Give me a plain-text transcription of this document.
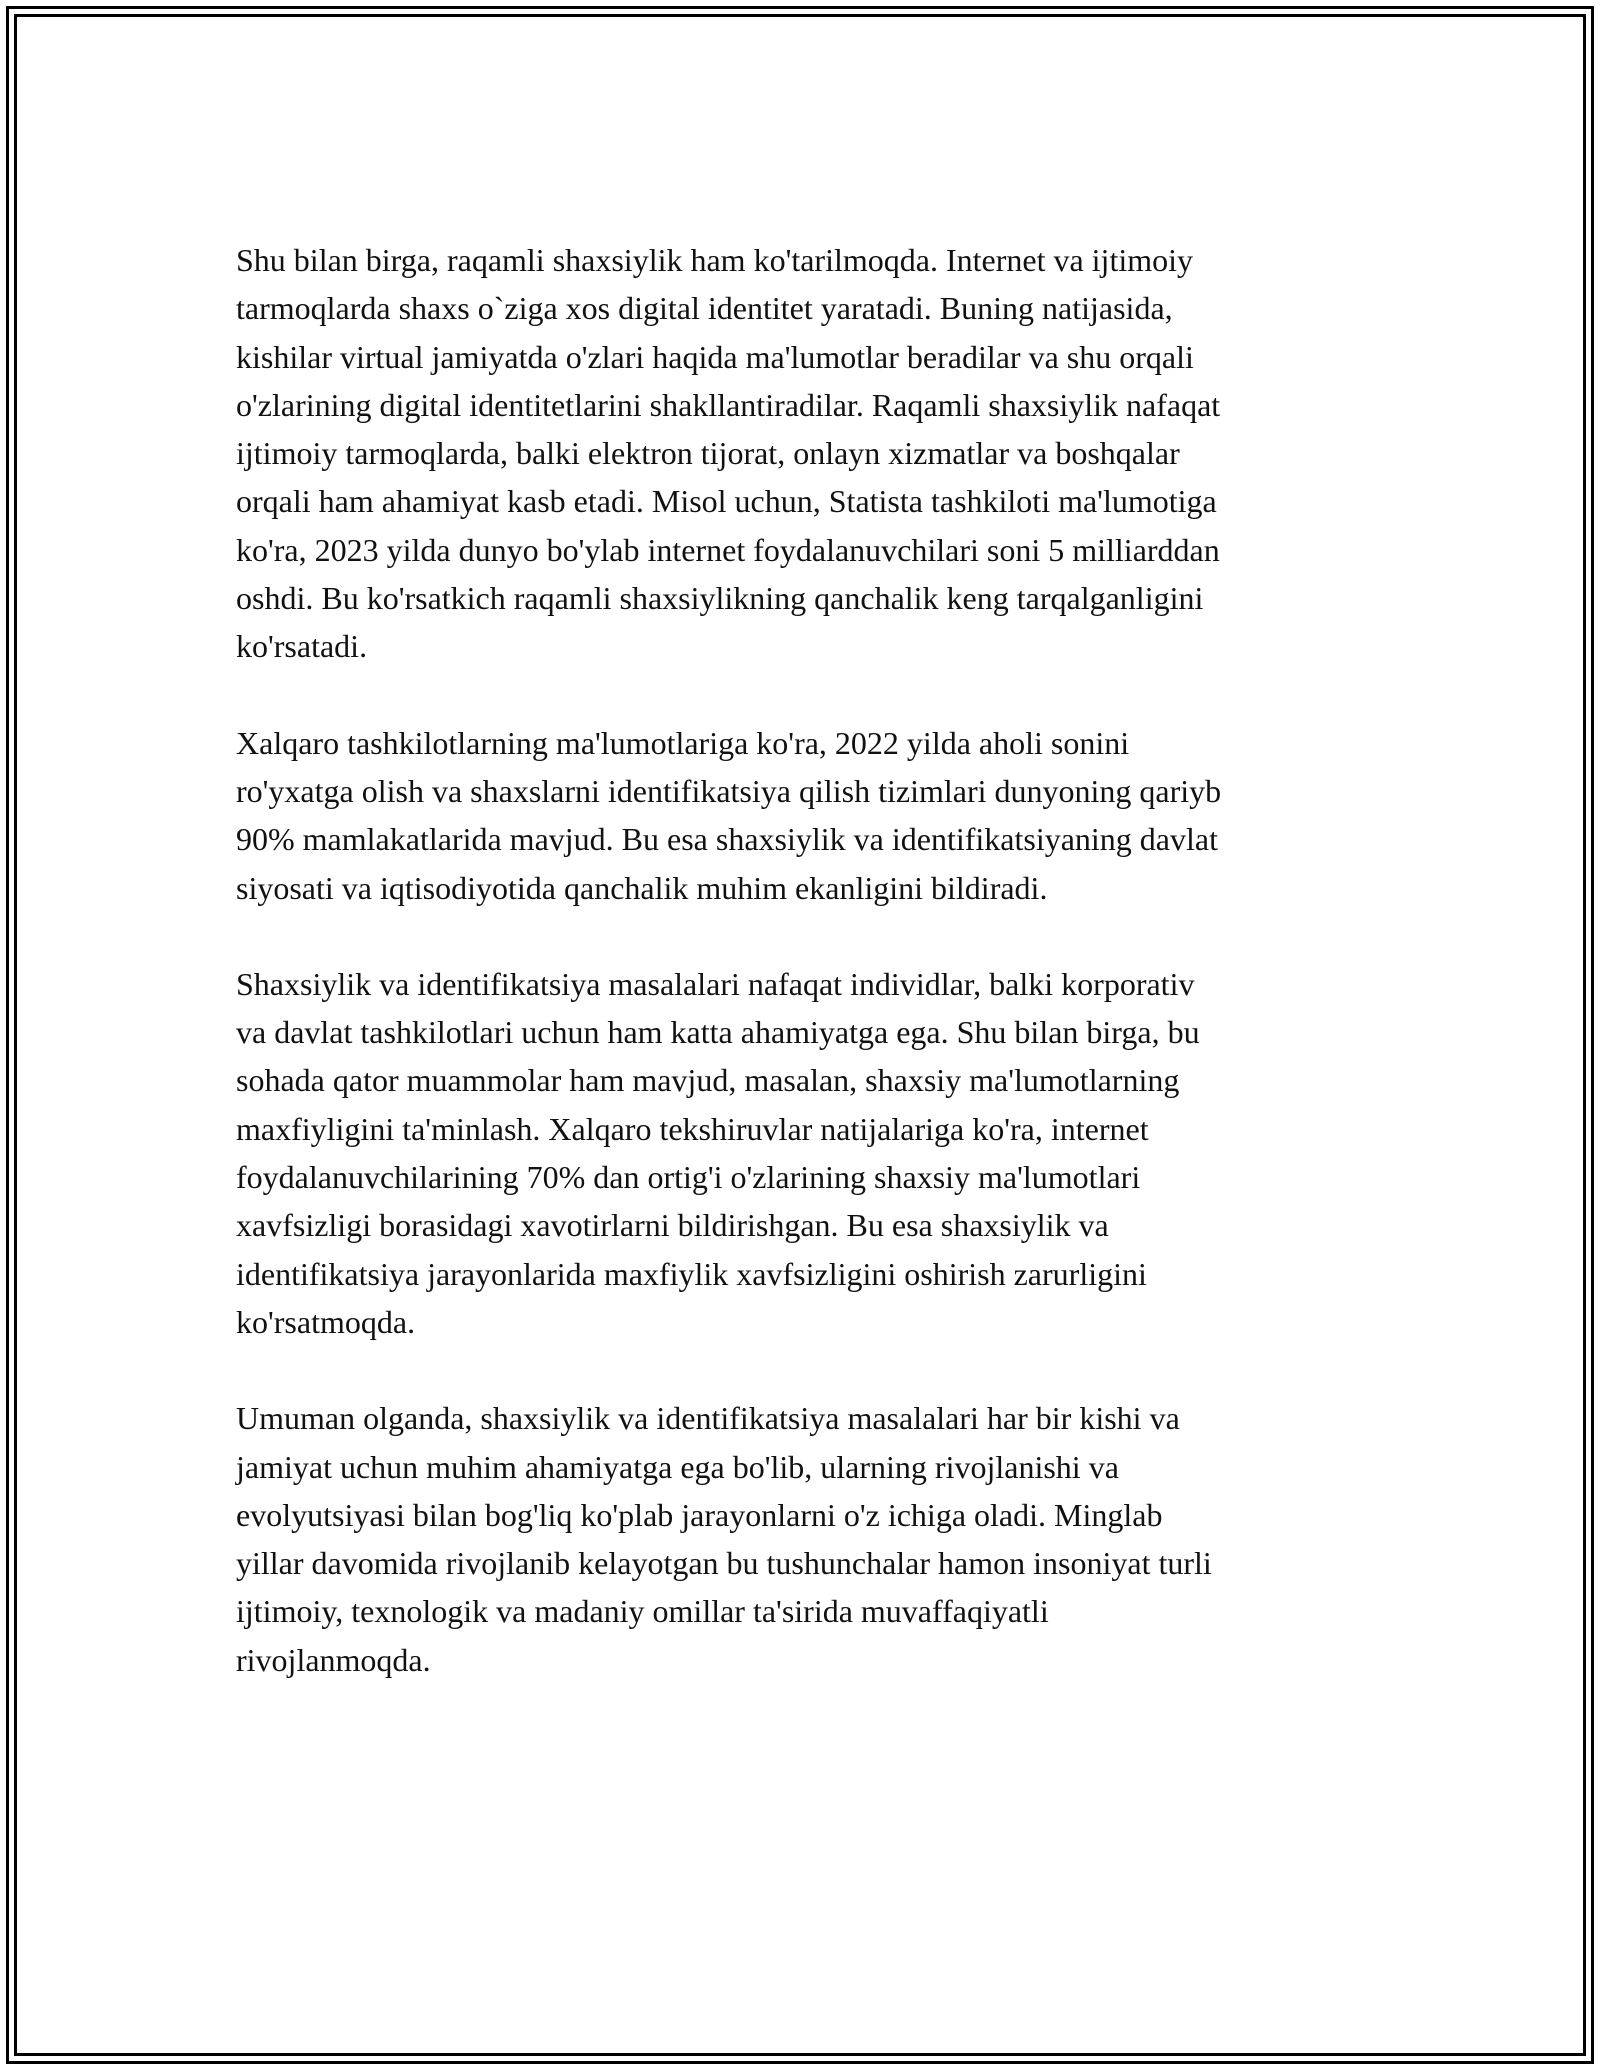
Shu bilan birga, raqamli shaxsiylik ham ko'tarilmoqda. Internet va ijtimoiy
tarmoqlarda shaxs o`ziga xos digital identitet yaratadi. Buning natijasida,
kishilar virtual jamiyatda o'zlari haqida ma'lumotlar beradilar va shu orqali
o'zlarining digital identitetlarini shakllantiradilar. Raqamli shaxsiylik nafaqat
ijtimoiy tarmoqlarda, balki elektron tijorat, onlayn xizmatlar va boshqalar
orqali ham ahamiyat kasb etadi. Misol uchun, Statista tashkiloti ma'lumotiga
ko'ra, 2023 yilda dunyo bo'ylab internet foydalanuvchilari soni 5 milliarddan
oshdi. Bu ko'rsatkich raqamli shaxsiylikning qanchalik keng tarqalganligini
ko'rsatadi.

Xalqaro tashkilotlarning ma'lumotlariga ko'ra, 2022 yilda aholi sonini
ro'yxatga olish va shaxslarni identifikatsiya qilish tizimlari dunyoning qariyb
90% mamlakatlarida mavjud. Bu esa shaxsiylik va identifikatsiyaning davlat
siyosati va iqtisodiyotida qanchalik muhim ekanligini bildiradi.

Shaxsiylik va identifikatsiya masalalari nafaqat individlar, balki korporativ
va davlat tashkilotlari uchun ham katta ahamiyatga ega. Shu bilan birga, bu
sohada qator muammolar ham mavjud, masalan, shaxsiy ma'lumotlarning
maxfiyligini ta'minlash. Xalqaro tekshiruvlar natijalariga ko'ra, internet
foydalanuvchilarining 70% dan ortig'i o'zlarining shaxsiy ma'lumotlari
xavfsizligi borasidagi xavotirlarni bildirishgan. Bu esa shaxsiylik va
identifikatsiya jarayonlarida maxfiylik xavfsizligini oshirish zarurligini
ko'rsatmoqda.

Umuman olganda, shaxsiylik va identifikatsiya masalalari har bir kishi va
jamiyat uchun muhim ahamiyatga ega bo'lib, ularning rivojlanishi va
evolyutsiyasi bilan bog'liq ko'plab jarayonlarni o'z ichiga oladi. Minglab
yillar davomida rivojlanib kelayotgan bu tushunchalar hamon insoniyat turli
ijtimoiy, texnologik va madaniy omillar ta'sirida muvaffaqiyatli
rivojlanmoqda.
